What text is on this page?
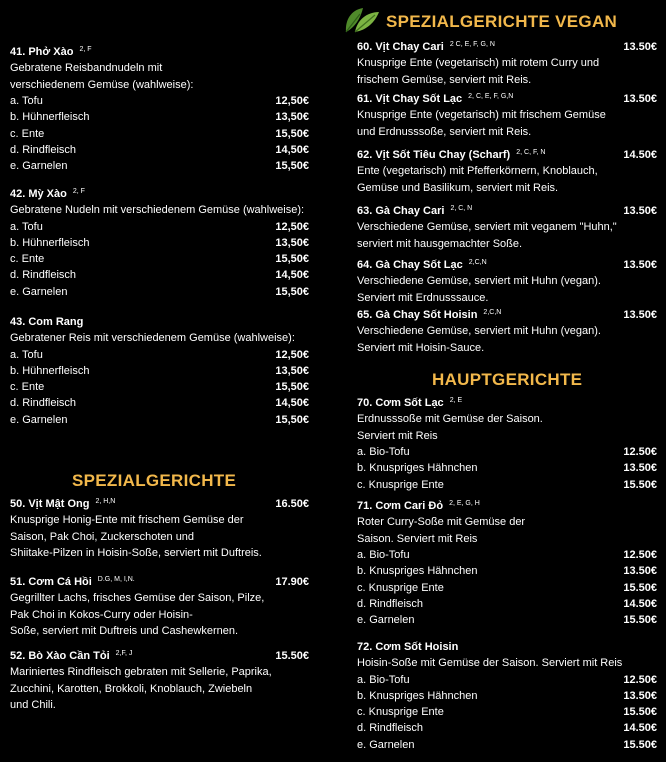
SPEZIALGERICHTE VEGAN
SPEZIALGERICHTE
HAUPTGERICHTE
41. Phở Xào $^{2, F}$
Gebratene Reisbandnudeln mit
verschiedenem Gemüse (wahlweise):
a. Tofu	12,50€
b. Hühnerfleisch	13,50€
c. Ente	15,50€
d. Rindfleisch	14,50€
e. Garnelen	15,50€
42. Mỳ Xào $^{2, F}$
Gebratene Nudeln mit verschiedenem Gemüse (wahlweise):
a. Tofu	12,50€
b. Hühnerfleisch	13,50€
c. Ente	15,50€
d. Rindfleisch	14,50€
e. Garnelen	15,50€
43. Com Rang
Gebratener Reis mit verschiedenem Gemüse (wahlweise):
a. Tofu	12,50€
b. Hühnerfleisch	13,50€
c. Ente	15,50€
d. Rindfleisch	14,50€
e. Garnelen	15,50€
50. Vịt Mật Ong $^{2, H,N}$	16.50€
Knusprige Honig-Ente mit frischem Gemüse der
Saison, Pak Choi, Zuckerschoten und
Shiitake-Pilzen in Hoisin-Soße, serviert mit Duftreis.
51. Cơm Cá Hồi $^{D.G, M, I,N.}$	17.90€
Gegrillter Lachs, frisches Gemüse der Saison, Pilze,
Pak Choi in Kokos-Curry oder Hoisin-
Soße, serviert mit Duftreis und Cashewkernen.
52. Bò Xào Cần Tỏi $^{2,F, J}$	15.50€
Mariniertes Rindfleisch gebraten mit Sellerie, Paprika,
Zucchini, Karotten, Brokkoli, Knoblauch, Zwiebeln
und Chili.
60. Vịt Chay Cari $^{2 C, E, F, G, N}$	13.50€
Knusprige Ente (vegetarisch) mit rotem Curry und
frischem Gemüse, serviert mit Reis.
61. Vịt Chay Sốt Lạc $^{2, C, E, F, G,N}$	13.50€
Knusprige Ente (vegetarisch) mit frischem Gemüse
und Erdnusssoße, serviert mit Reis.
62. Vịt Sốt Tiêu Chay (Scharf) $^{2, C, F, N}$	14.50€
Ente (vegetarisch) mit Pfefferkörnern, Knoblauch,
Gemüse und Basilikum, serviert mit Reis.
63. Gà Chay Cari $^{2, C, N}$	13.50€
Verschiedene Gemüse, serviert mit veganem "Huhn,"
serviert mit hausgemachter Soße.
64. Gà Chay Sốt Lạc $^{2,C,N}$	13.50€
Verschiedene Gemüse, serviert mit Huhn (vegan).
Serviert mit Erdnusssauce.
65. Gà Chay Sốt Hoisin $^{2,C,N}$	13.50€
Verschiedene Gemüse, serviert mit Huhn (vegan).
Serviert mit Hoisin-Sauce.
70. Cơm Sốt Lạc $^{2, E}$
Erdnusssoße mit Gemüse der Saison.
Serviert mit Reis
a. Bio-Tofu	12.50€
b. Knuspriges Hähnchen	13.50€
c. Knusprige Ente	15.50€
71. Cơm Cari Đỏ $^{2, E, G, H}$
Roter Curry-Soße mit Gemüse der
Saison. Serviert mit Reis
a. Bio-Tofu	12.50€
b. Knuspriges Hähnchen	13.50€
c. Knusprige Ente	15.50€
d. Rindfleisch	14.50€
e. Garnelen	15.50€
72. Cơm Sốt Hoisin
Hoisin-Soße mit Gemüse der Saison. Serviert mit Reis
a. Bio-Tofu	12.50€
b. Knuspriges Hähnchen	13.50€
c. Knusprige Ente	15.50€
d. Rindfleisch	14.50€
e. Garnelen	15.50€
